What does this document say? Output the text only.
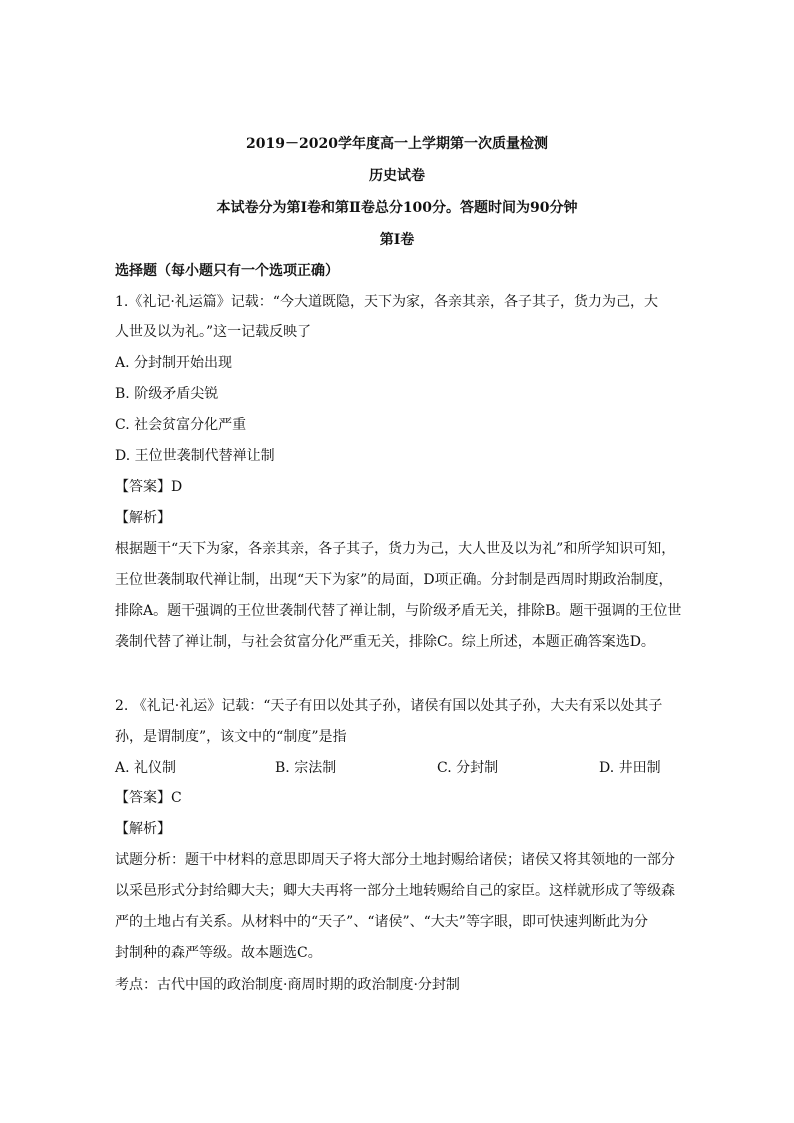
2019－2020学年度高一上学期第一次质量检测
历史试卷
本试卷分为第Ⅰ卷和第Ⅱ卷总分100分。答题时间为90分钟
第Ⅰ卷
选择题（每小题只有一个选项正确）
1.《礼记·礼运篇》记载：“今大道既隐，天下为家，各亲其亲，各子其子，货力为己，大
人世及以为礼。”这一记载反映了
A. 分封制开始出现
B. 阶级矛盾尖锐
C. 社会贫富分化严重
D. 王位世袭制代替禅让制
【答案】D
【解析】
根据题干“天下为家，各亲其亲，各子其子，货力为己，大人世及以为礼”和所学知识可知，
王位世袭制取代禅让制，出现“天下为家”的局面，D项正确。分封制是西周时期政治制度，
排除A。题干强调的王位世袭制代替了禅让制，与阶级矛盾无关，排除B。题干强调的王位世
袭制代替了禅让制，与社会贫富分化严重无关，排除C。综上所述，本题正确答案选D。
2. 《礼记·礼运》记载：“天子有田以处其子孙，诸侯有国以处其子孙，大夫有采以处其子
孙，是谓制度”，该文中的“制度”是指
A. 礼仪制	B. 宗法制	C. 分封制	D. 井田制
【答案】C
【解析】
试题分析：题干中材料的意思即周天子将大部分土地封赐给诸侯；诸侯又将其领地的一部分
以采邑形式分封给卿大夫；卿大夫再将一部分土地转赐给自己的家臣。这样就形成了等级森
严的土地占有关系。从材料中的“天子”、“诸侯”、“大夫”等字眼，即可快速判断此为分
封制种的森严等级。故本题选C。
考点：古代中国的政治制度·商周时期的政治制度·分封制
